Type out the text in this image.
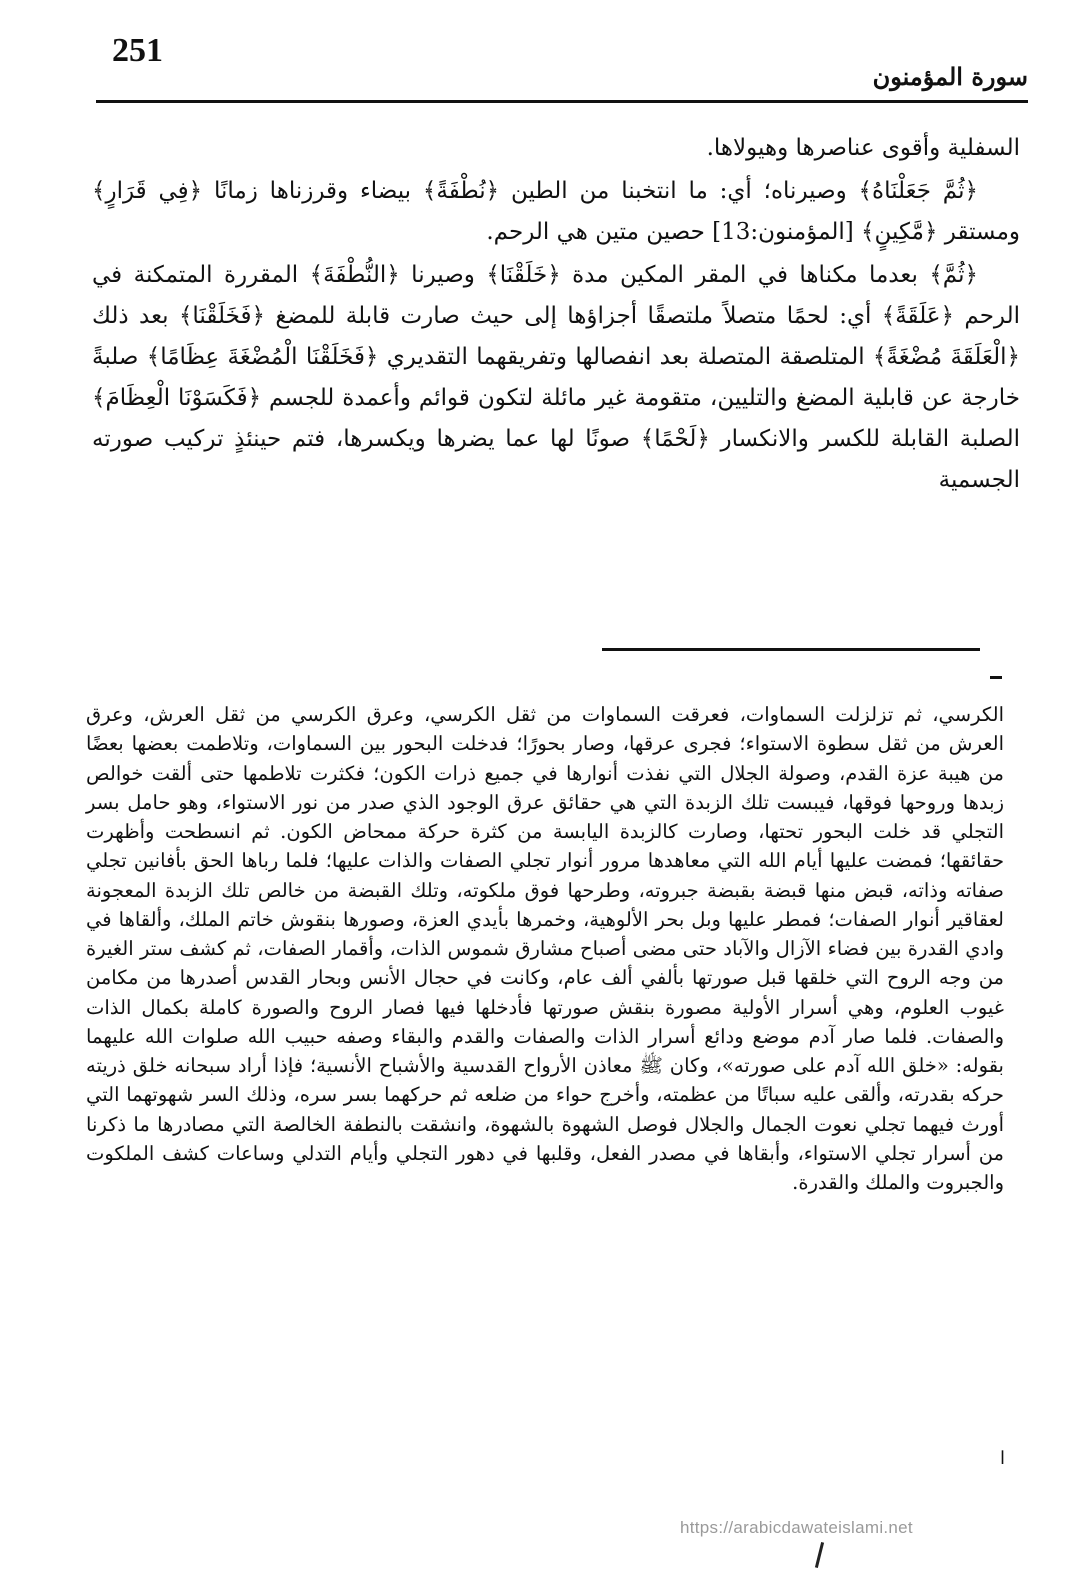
251
سورة المؤمنون

السفلية وأقوى عناصرها وهيولاها.

﴿ثُمَّ جَعَلْنَاهُ﴾ وصيرناه؛ أي: ما انتخبنا من الطين ﴿نُطْفَةً﴾ بيضاء وقرزناها زمانًا ﴿فِي قَرَارٍ﴾ ومستقر ﴿مَّكِينٍ﴾ [المؤمنون:13] حصين متين هي الرحم.

﴿ثُمَّ﴾ بعدما مكناها في المقر المكين مدة ﴿خَلَقْنَا﴾ وصيرنا ﴿النُّطْفَةَ﴾ المقررة المتمكنة في الرحم ﴿عَلَقَةً﴾ أي: لحمًا متصلاً ملتصقًا أجزاؤها إلى حيث صارت قابلة للمضغ ﴿فَخَلَقْنَا﴾ بعد ذلك ﴿الْعَلَقَةَ مُضْغَةً﴾ المتلصقة المتصلة بعد انفصالها وتفريقهما التقديري ﴿فَخَلَقْنَا الْمُضْغَةَ عِظَامًا﴾ صلبةً خارجة عن قابلية المضغ والتليين، متقومة غير مائلة لتكون قوائم وأعمدة للجسم ﴿فَكَسَوْنَا الْعِظَامَ﴾ الصلبة القابلة للكسر والانكسار ﴿لَحْمًا﴾ صونًا لها عما يضرها ويكسرها، فتم حينئذٍ تركيب صورته الجسمية

الكرسي، ثم تزلزلت السماوات، فعرقت السماوات من ثقل الكرسي، وعرق الكرسي من ثقل العرش، وعرق العرش من ثقل سطوة الاستواء؛ فجرى عرقها، وصار بحورًا؛ فدخلت البحور بين السماوات، وتلاطمت بعضها بعضًا من هيبة عزة القدم، وصولة الجلال التي نفذت أنوارها في جميع ذرات الكون؛ فكثرت تلاطمها حتى ألقت خوالص زبدها وروحها فوقها، فيبست تلك الزبدة التي هي حقائق عرق الوجود الذي صدر من نور الاستواء، وهو حامل بسر التجلي قد خلت البحور تحتها، وصارت كالزبدة اليابسة من كثرة حركة ممحاض الكون. ثم انسطحت وأظهرت حقائقها؛ فمضت عليها أيام الله التي معاهدها مرور أنوار تجلي الصفات والذات عليها؛ فلما رباها الحق بأفانين تجلي صفاته وذاته، قبض منها قبضة بقبضة جبروته، وطرحها فوق ملكوته، وتلك القبضة من خالص تلك الزبدة المعجونة لعقاقير أنوار الصفات؛ فمطر عليها وبل بحر الألوهية، وخمرها بأيدي العزة، وصورها بنقوش خاتم الملك، وألقاها في وادي القدرة بين فضاء الآزال والآباد حتى مضى أصباح مشارق شموس الذات، وأقمار الصفات، ثم كشف ستر الغيرة من وجه الروح التي خلقها قبل صورتها بألفي ألف عام، وكانت في حجال الأنس وبحار القدس أصدرها من مكامن غيوب العلوم، وهي أسرار الأولية مصورة بنقش صورتها فأدخلها فيها فصار الروح والصورة كاملة بكمال الذات والصفات. فلما صار آدم موضع ودائع أسرار الذات والصفات والقدم والبقاء وصفه حبيب الله صلوات الله عليهما بقوله: «خلق الله آدم على صورته»، وكان ﷺ معاذن الأرواح القدسية والأشباح الأنسية؛ فإذا أراد سبحانه خلق ذريته حركه بقدرته، وألقى عليه سباتًا من عظمته، وأخرج حواء من ضلعه ثم حركهما بسر سره، وذلك السر شهوتهما التي أورث فيهما تجلي نعوت الجمال والجلال فوصل الشهوة بالشهوة، وانشقت بالنطفة الخالصة التي مصادرها ما ذكرنا من أسرار تجلي الاستواء، وأبقاها في مصدر الفعل، وقلبها في دهور التجلي وأيام التدلي وساعات كشف الملكوت والجبروت والملك والقدرة.
ا
https://arabicdawateislami.net
